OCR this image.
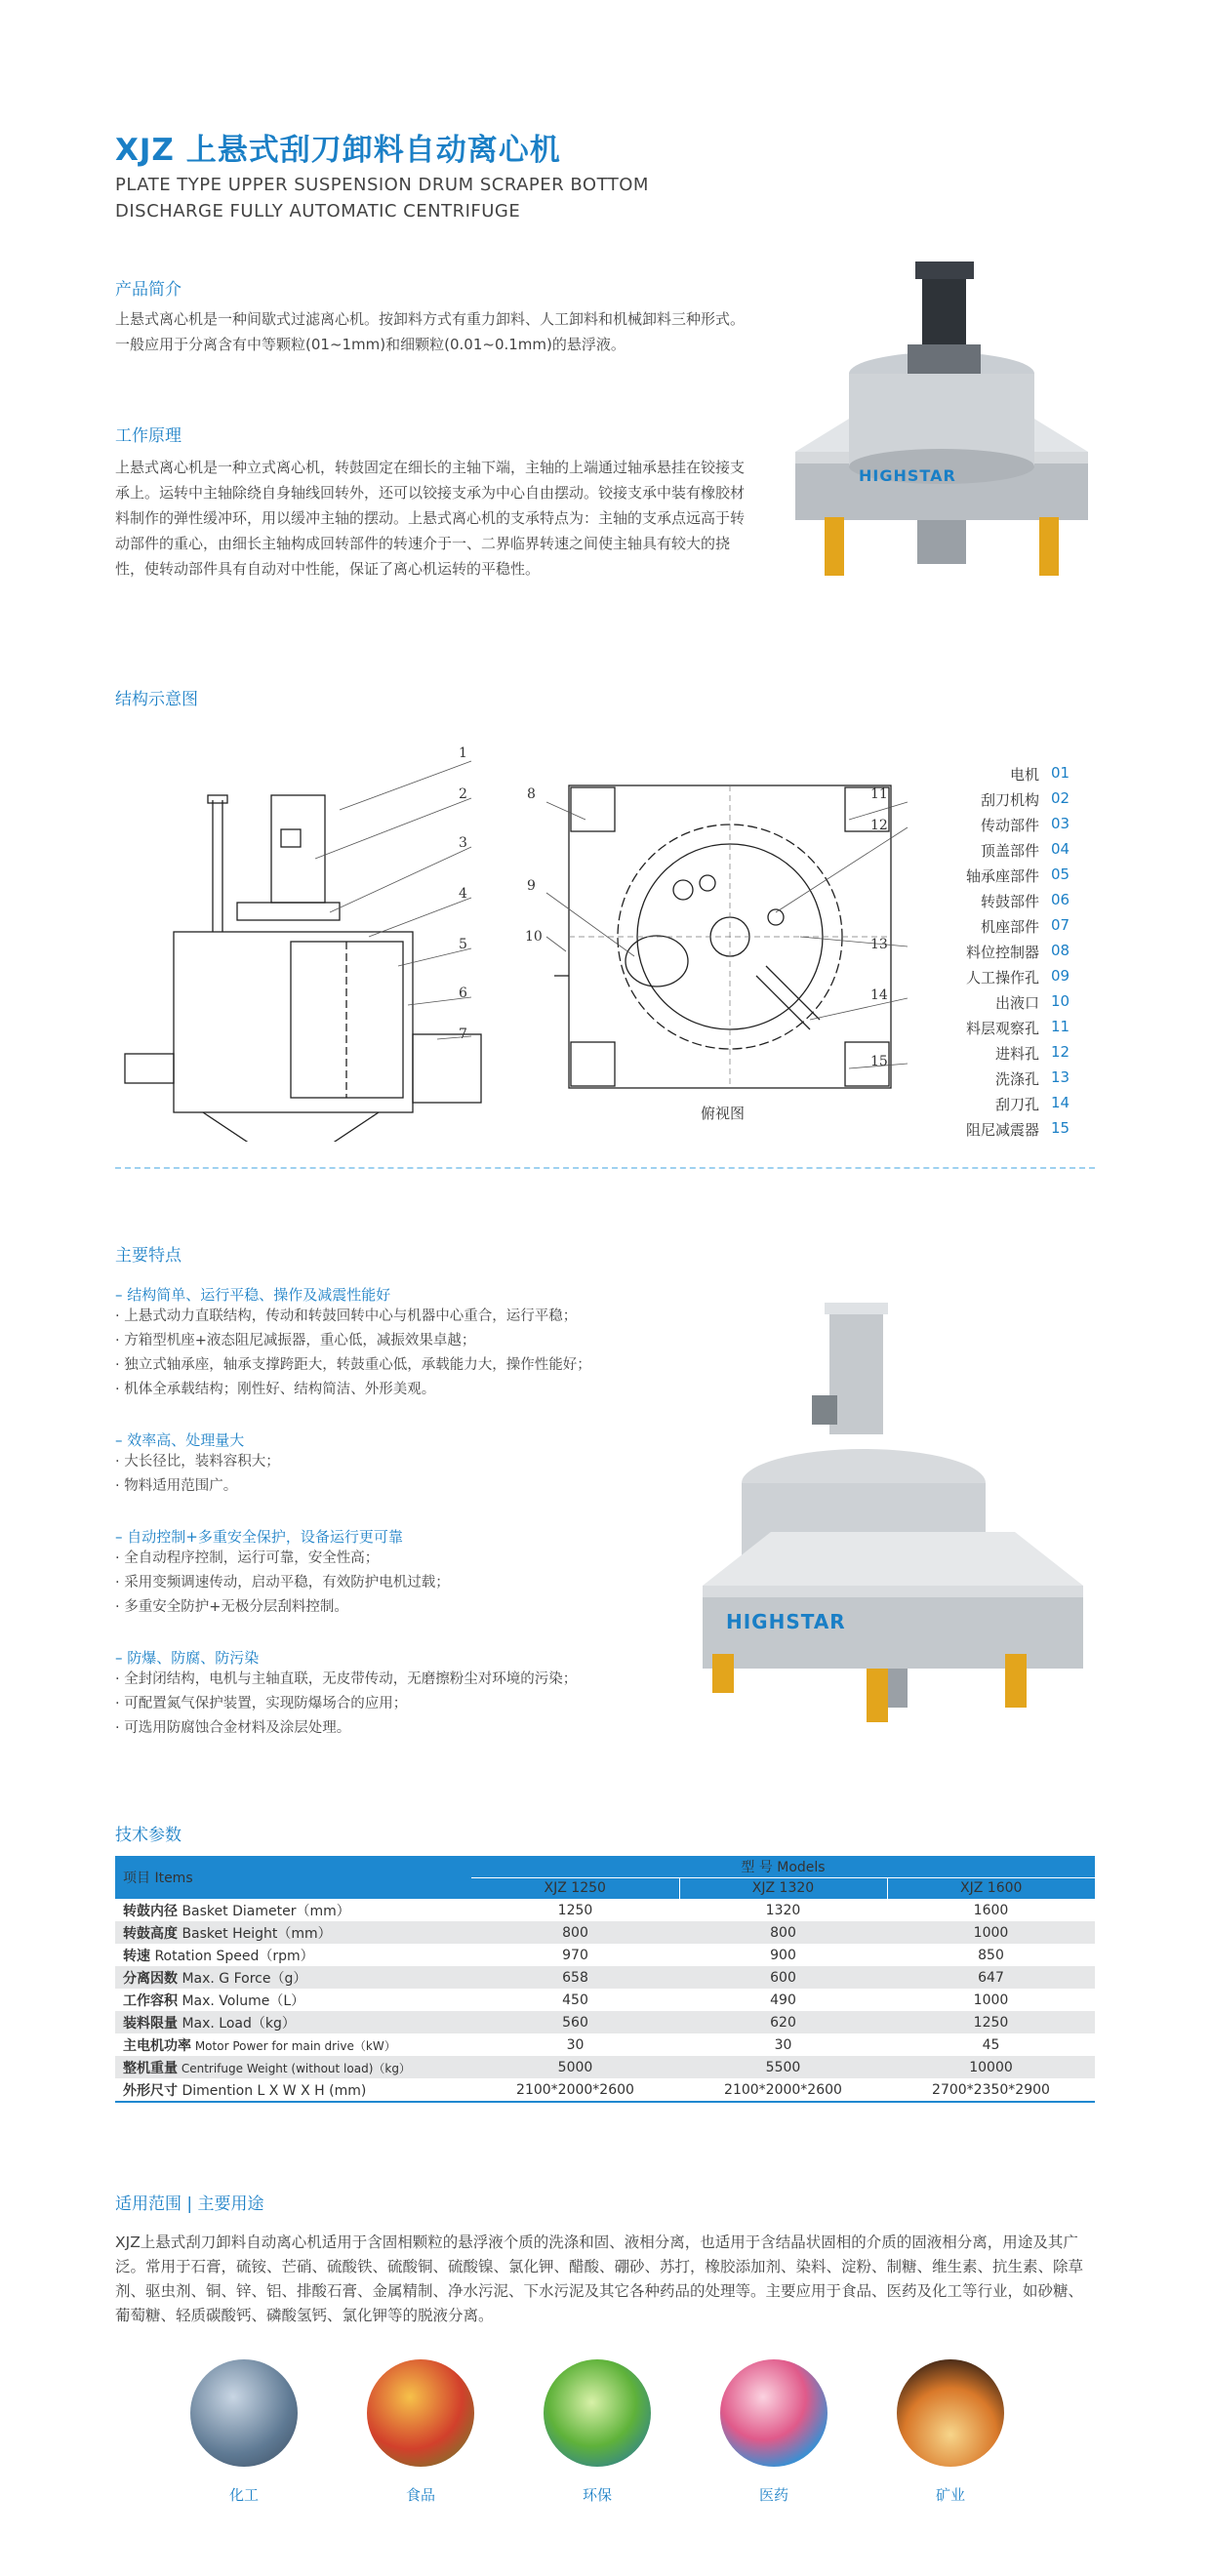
XJZ 上悬式刮刀卸料自动离心机
PLATE TYPE UPPER SUSPENSION DRUM SCRAPER BOTTOM
DISCHARGE FULLY AUTOMATIC CENTRIFUGE
产品简介
上悬式离心机是一种间歇式过滤离心机。按卸料方式有重力卸料、人工卸料和机械卸料三种形式。一般应用于分离含有中等颗粒(01~1mm)和细颗粒(0.01~0.1mm)的悬浮液。
工作原理
上悬式离心机是一种立式离心机，转鼓固定在细长的主轴下端，主轴的上端通过轴承悬挂在铰接支承上。运转中主轴除绕自身轴线回转外，还可以铰接支承为中心自由摆动。铰接支承中装有橡胶材料制作的弹性缓冲环，用以缓冲主轴的摆动。上悬式离心机的支承特点为：主轴的支承点远高于转动部件的重心，由细长主轴构成回转部件的转速介于一、二界临界转速之间使主轴具有较大的挠性，使转动部件具有自动对中性能，保证了离心机运转的平稳性。
HIGHSTAR
结构示意图
1
2
3
4
5
6
7
8
9
10
11
12
13
14
15
俯视图
电机 01
刮刀机构 02
传动部件 03
顶盖部件 04
轴承座部件 05
转鼓部件 06
机座部件 07
料位控制器 08
人工操作孔 09
出液口 10
料层观察孔 11
进料孔 12
洗涤孔 13
刮刀孔 14
阻尼减震器 15
主要特点
– 结构简单、运行平稳、操作及减震性能好
· 上悬式动力直联结构，传动和转鼓回转中心与机器中心重合，运行平稳；
· 方箱型机座+液态阻尼减振器，重心低，减振效果卓越；
· 独立式轴承座，轴承支撑跨距大，转鼓重心低，承载能力大，操作性能好；
· 机体全承载结构；刚性好、结构简洁、外形美观。
– 效率高、处理量大
· 大长径比，装料容积大；
· 物料适用范围广。
– 自动控制+多重安全保护，设备运行更可靠
· 全自动程序控制，运行可靠，安全性高；
· 采用变频调速传动，启动平稳，有效防护电机过载；
· 多重安全防护+无极分层刮料控制。
– 防爆、防腐、防污染
· 全封闭结构，电机与主轴直联，无皮带传动，无磨擦粉尘对环境的污染；
· 可配置氮气保护装置，实现防爆场合的应用；
· 可选用防腐蚀合金材料及涂层处理。
HIGHSTAR
技术参数
项目 Items	型 号 Models		
	XJZ 1250	XJZ 1320	XJZ 1600
转鼓内径 Basket Diameter（mm）	1250	1320	1600
转鼓高度 Basket Height（mm）	800	800	1000
转速 Rotation Speed（rpm）	970	900	850
分离因数 Max. G Force（g）	658	600	647
工作容积 Max. Volume（L）	450	490	1000
装料限量 Max. Load（kg）	560	620	1250
主电机功率 Motor Power for main drive（kW）	30	30	45
整机重量 Centrifuge Weight (without load)（kg）	5000	5500	10000
外形尺寸 Dimention L X W X H (mm)	2100*2000*2600	2100*2000*2600	2700*2350*2900
适用范围 | 主要用途
XJZ上悬式刮刀卸料自动离心机适用于含固相颗粒的悬浮液个质的洗涤和固、液相分离，也适用于含结晶状固相的介质的固液相分离，用途及其广泛。常用于石膏，硫铵、芒硝、硫酸铁、硫酸铜、硫酸镍、氯化钾、醋酸、硼砂、苏打，橡胶添加剂、染料、淀粉、制糖、维生素、抗生素、除草剂、驱虫剂、铜、锌、铝、排酸石膏、金属精制、净水污泥、下水污泥及其它各种药品的处理等。主要应用于食品、医药及化工等行业，如砂糖、葡萄糖、轻质碳酸钙、磷酸氢钙、氯化钾等的脱液分离。
化工	食品	环保	医药	矿业
